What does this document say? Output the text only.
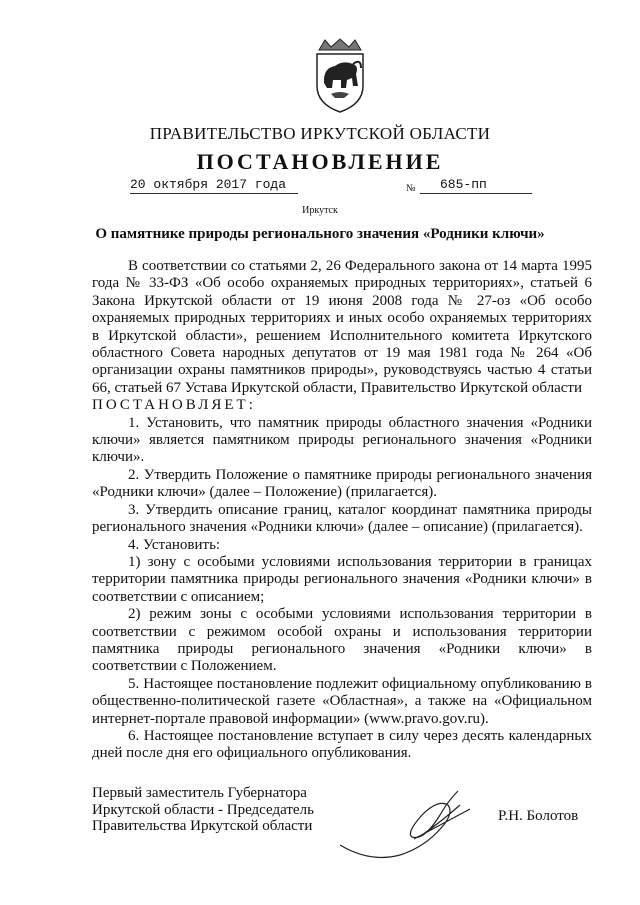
ПРАВИТЕЛЬСТВО ИРКУТСКОЙ ОБЛАСТИ
ПОСТАНОВЛЕНИЕ
20 октября 2017 года	№ 685-пп
Иркутск
О памятнике природы регионального значения «Родники ключи»

В соответствии со статьями 2, 26 Федерального закона от 14 марта 1995 года № 33-ФЗ «Об особо охраняемых природных территориях», статьей 6 Закона Иркутской области от 19 июня 2008 года № 27-оз «Об особо охраняемых природных территориях и иных особо охраняемых территориях в Иркутской области», решением Исполнительного комитета Иркутского областного Совета народных депутатов от 19 мая 1981 года № 264 «Об организации охраны памятников природы», руководствуясь частью 4 статьи 66, статьей 67 Устава Иркутской области, Правительство Иркутской области

ПОСТАНОВЛЯЕТ:

1. Установить, что памятник природы областного значения «Родники ключи» является памятником природы регионального значения «Родники ключи».

2. Утвердить Положение о памятнике природы регионального значения «Родники ключи» (далее – Положение) (прилагается).

3. Утвердить описание границ, каталог координат памятника природы регионального значения «Родники ключи» (далее – описание) (прилагается).

4. Установить:

1) зону с особыми условиями использования территории в границах территории памятника природы регионального значения «Родники ключи» в соответствии с описанием;

2) режим зоны с особыми условиями использования территории в соответствии с режимом особой охраны и использования территории памятника природы регионального значения «Родники ключи» в соответствии с Положением.

5. Настоящее постановление подлежит официальному опубликованию в общественно-политической газете «Областная», а также на «Официальном интернет-портале правовой информации» (www.pravo.gov.ru).

6. Настоящее постановление вступает в силу через десять календарных дней после дня его официального опубликования.

Первый заместитель Губернатора
Иркутской области - Председатель
Правительства Иркутской области
Р.Н. Болотов
